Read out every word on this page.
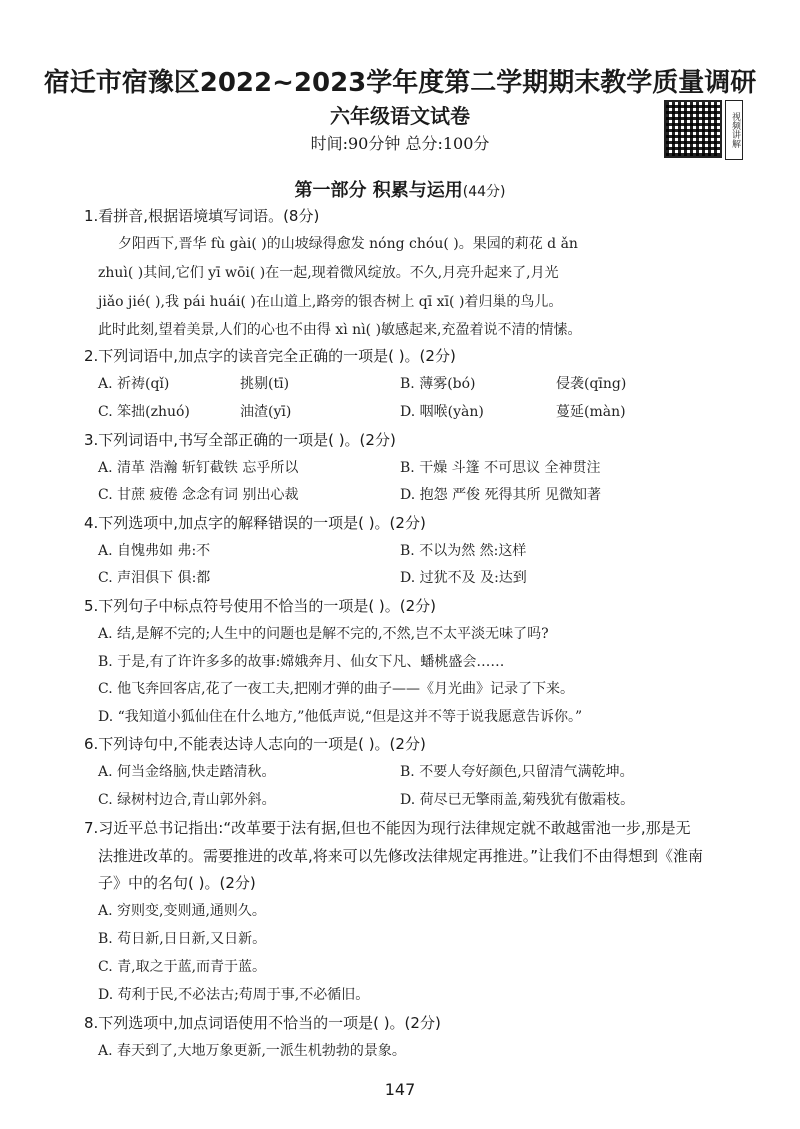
宿迁市宿豫区2022~2023学年度第二学期期末教学质量调研
六年级语文试卷
时间:90分钟 总分:100分	视频讲解
第一部分 积累与运用(44分)
1.看拼音,根据语境填写词语。(8分)
夕阳西下,晋华 fù gài( )的山坡绿得愈发 nóng chóu( )。果园的莉花 d ǎn
zhuì( )其间,它们 yī wōi( )在一起,现着微风绽放。不久,月亮升起来了,月光
jiǎo jié( ),我 pái huái( )在山道上,路旁的银杏树上 qī xī( )着归巢的鸟儿。
此时此刻,望着美景,人们的心也不由得 xì nì( )敏感起来,充盈着说不清的情愫。
2.下列词语中,加点字的读音完全正确的一项是( )。(2分)
A. 祈祷(qǐ)	挑剔(tī)	B. 薄雾(bó)	侵袭(qīng)
C. 笨拙(zhuó)	油渣(yī)	D. 咽喉(yàn)	蔓延(màn)
3.下列词语中,书写全部正确的一项是( )。(2分)
A. 清革 浩瀚 斩钉截铁 忘乎所以	B. 干燥 斗篷 不可思议 全神贯注
C. 甘蔗 疲倦 念念有词 别出心裁	D. 抱怨 严俊 死得其所 见微知著
4.下列选项中,加点字的解释错误的一项是( )。(2分)
A. 自愧弗如 弗:不	B. 不以为然 然:这样
C. 声泪俱下 俱:都	D. 过犹不及 及:达到
5.下列句子中标点符号使用不恰当的一项是( )。(2分)
A. 结,是解不完的;人生中的问题也是解不完的,不然,岂不太平淡无味了吗?
B. 于是,有了许许多多的故事:嫦娥奔月、仙女下凡、蟠桃盛会……
C. 他飞奔回客店,花了一夜工夫,把刚才弹的曲子——《月光曲》记录了下来。
D. “我知道小狐仙住在什么地方,”他低声说,“但是这并不等于说我愿意告诉你。”
6.下列诗句中,不能表达诗人志向的一项是( )。(2分)
A. 何当金络脑,快走踏清秋。	B. 不要人夸好颜色,只留清气满乾坤。
C. 绿树村边合,青山郭外斜。	D. 荷尽已无擎雨盖,菊残犹有傲霜枝。
7.习近平总书记指出:“改革要于法有据,但也不能因为现行法律规定就不敢越雷池一步,那是无
法推进改革的。需要推进的改革,将来可以先修改法律规定再推进。”让我们不由得想到《淮南
子》中的名句( )。(2分)
A. 穷则变,变则通,通则久。
B. 苟日新,日日新,又日新。
C. 青,取之于蓝,而青于蓝。
D. 苟利于民,不必法古;苟周于事,不必循旧。
8.下列选项中,加点词语使用不恰当的一项是( )。(2分)
A. 春天到了,大地万象更新,一派生机勃勃的景象。
147
